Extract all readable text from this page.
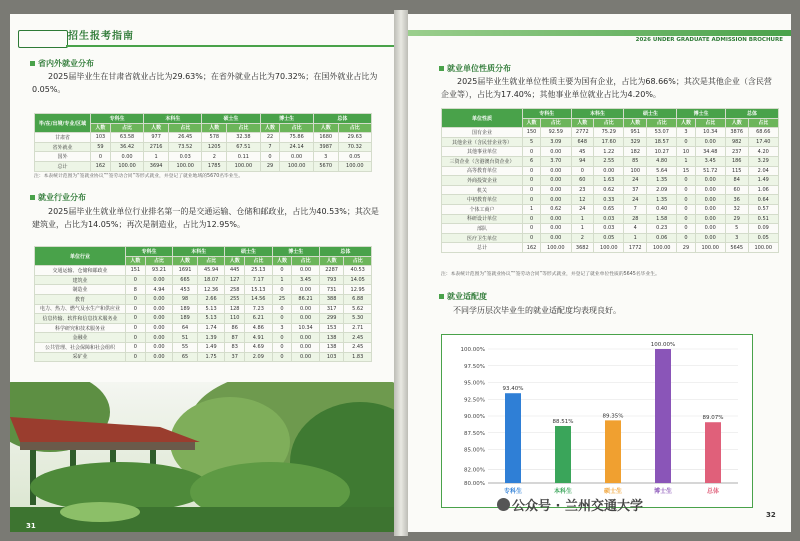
招生报考指南
省内外就业分布
2025届毕业生在甘肃省就业占比为29.63%；在省外就业占比为70.32%；在国外就业占比为0.05%。
毕/在/出境/专业/区域	专科生		本科生		硕士生		博士生		总体	
	人数	占比	人数	占比	人数	占比	人数	占比	人数	占比
甘肃省	103	63.58	977	26.45	578	32.38	22	75.86	1680	29.63
省外就业	59	36.42	2716	73.52	1205	67.51	7	24.14	3987	70.32
国外	0	0.00	1	0.03	2	0.11	0	0.00	3	0.05
总计	162	100.00	3694	100.00	1785	100.00	29	100.00	5670	100.00
注：本表统计范围为“签就业协议”“签劳动合同”等形式就业，并登记了就业地域的5670名毕业生。
就业行业分布
2025届毕业生就业单位行业排名第一的是交通运输、仓储和邮政业，占比为40.53%；其次是建筑业，占比为14.05%；再次是制造业，占比为12.95%。
单位行业	专科生		本科生		硕士生		博士生		总体	
	人数	占比	人数	占比	人数	占比	人数	占比	人数	占比
交通运输、仓储和邮政业	151	93.21	1691	45.94	445	25.13	0	0.00	2287	40.53
建筑业	0	0.00	665	18.07	127	7.17	1	3.45	793	14.05
制造业	8	4.94	453	12.36	258	15.13	0	0.00	731	12.95
教育	0	0.00	98	2.66	255	14.56	25	86.21	388	6.88
电力、热力、燃气及水生产和供应业	0	0.00	189	5.13	128	7.23	0	0.00	317	5.62
信息传输、软件和信息技术服务业	0	0.00	189	5.13	110	6.21	0	0.00	299	5.30
科学研究和技术服务业	0	0.00	64	1.74	86	4.86	3	10.34	153	2.71
金融业	0	0.00	51	1.39	87	4.91	0	0.00	138	2.45
公共管理、社会保障和社会组织	0	0.00	55	1.49	83	4.69	0	0.00	138	2.45
采矿业	0	0.00	65	1.75	37	2.09	0	0.00	103	1.83
31
2026 UNDER GRADUATE ADMISSION BROCHURE
就业单位性质分布
2025届毕业生就业单位性质主要为国有企业，占比为68.66%；其次是其他企业（含民营企业等），占比为17.40%；其他事业单位就业占比为4.20%。
单位性质	专科生		本科生		硕士生		博士生		总体	
	人数	占比	人数	占比	人数	占比	人数	占比	人数	占比
国有企业	150	92.59	2772	75.29	951	53.07	3	10.34	3876	68.66
其他企业（含民营企业等）	5	3.09	648	17.60	329	18.57	0	0.00	982	17.40
其他事业单位	0	0.00	45	1.22	182	10.27	10	34.48	237	4.20
三资企业（含港澳台资企业）	6	3.70	94	2.55	85	4.80	1	3.45	186	3.29
高等教育单位	0	0.00	0	0.00	100	5.64	15	51.72	115	2.04
外商投资企业	0	0.00	60	1.63	24	1.35	0	0.00	84	1.49
机关	0	0.00	23	0.62	37	2.09	0	0.00	60	1.06
中初教育单位	0	0.00	12	0.33	24	1.35	0	0.00	36	0.64
个体工商户	1	0.62	24	0.65	7	0.40	0	0.00	32	0.57
科研设计单位	0	0.00	1	0.03	28	1.58	0	0.00	29	0.51
部队	0	0.00	1	0.03	4	0.23	0	0.00	5	0.09
医疗卫生单位	0	0.00	2	0.05	1	0.06	0	0.00	3	0.05
总计	162	100.00	3682	100.00	1772	100.00	29	100.00	5645	100.00
注：本表统计范围为“签就业协议”“签劳动合同”等形式就业，并登记了就业单位性质的5645名毕业生。
就业适配度
不同学历层次毕业生的就业适配度均表现良好。
80.00%
82.00%
85.00%
87.50%
90.00%
92.50%
95.00%
97.50%
100.00%
93.40%
专科生
88.51%
本科生
89.35%
硕士生
100.00%
博士生
89.07%
总体
32
公众号 · 兰州交通大学
